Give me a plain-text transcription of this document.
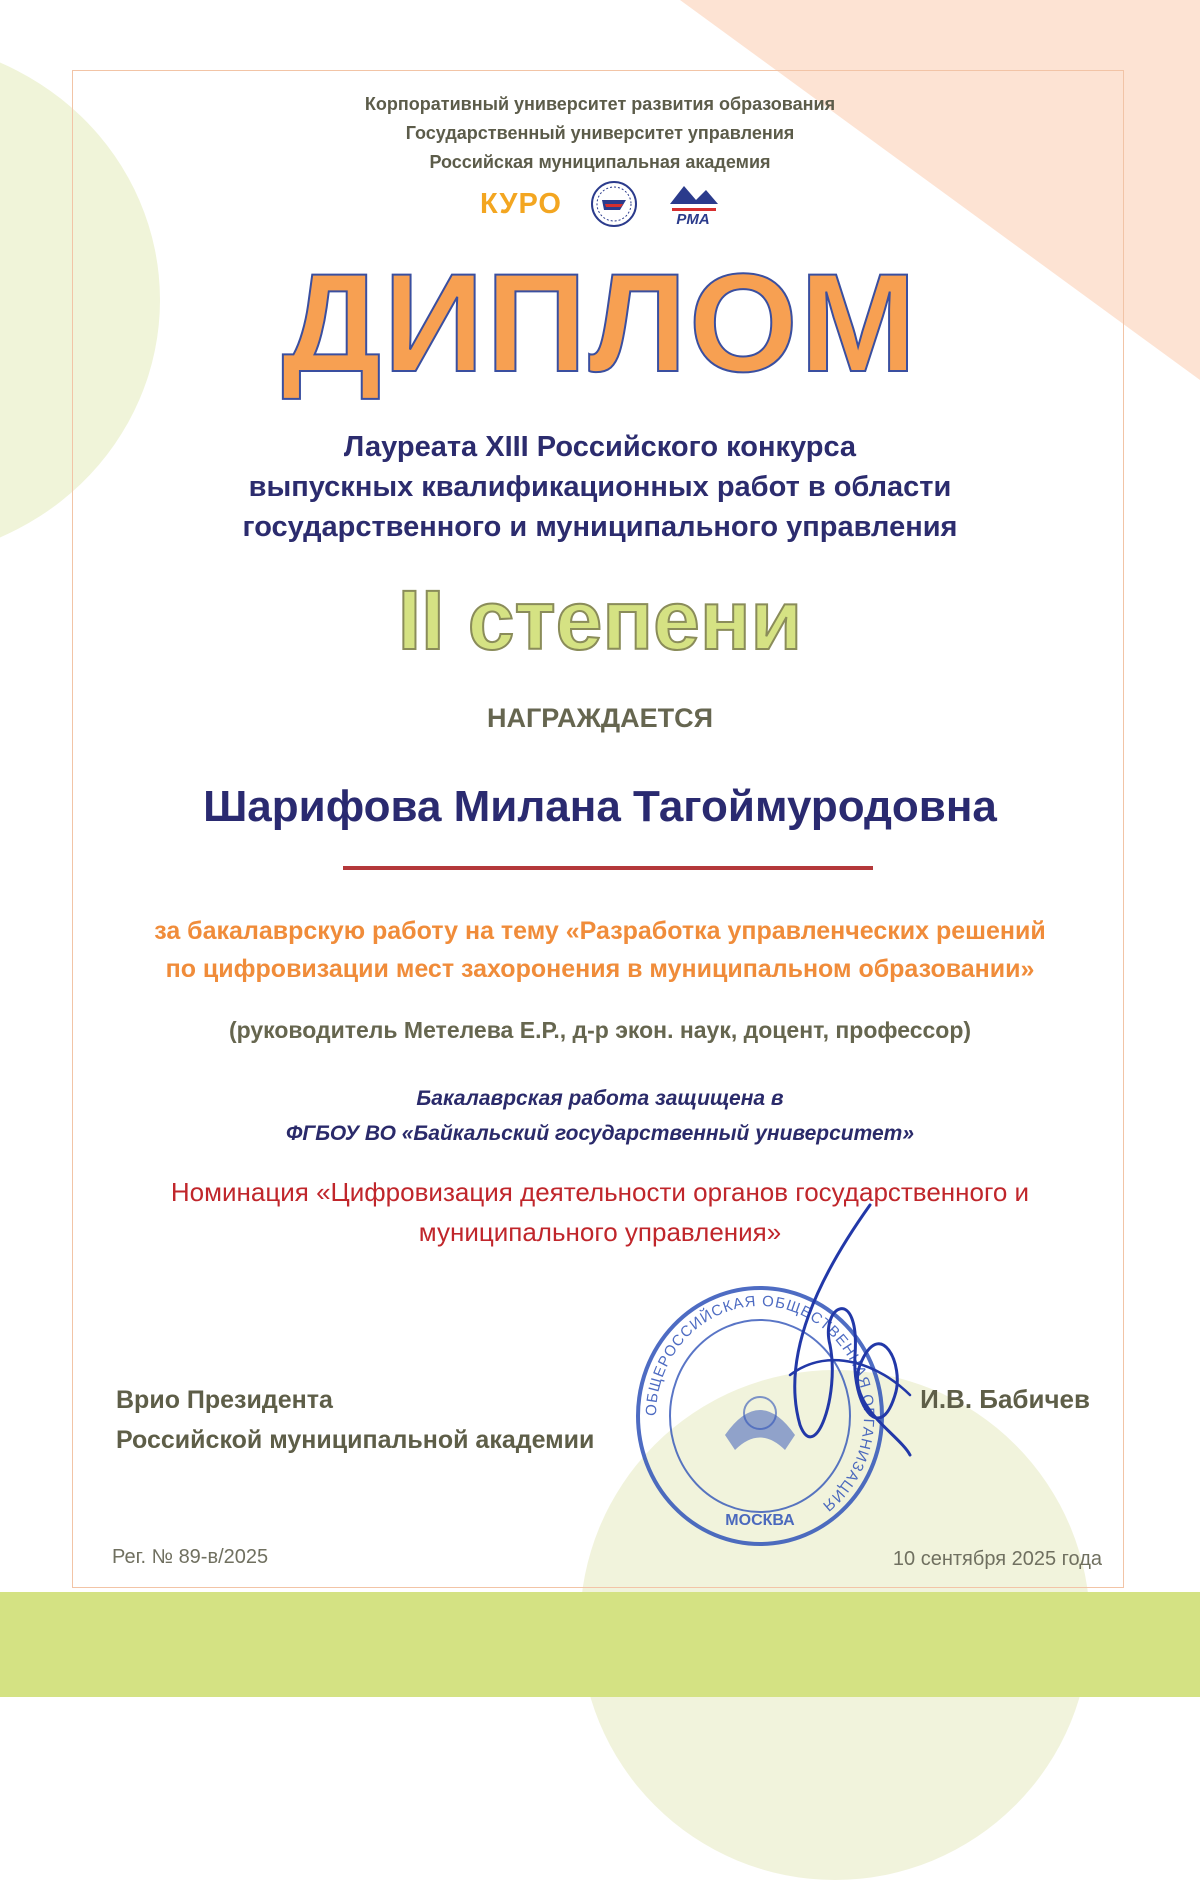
Корпоративный университет развития образования
Государственный университет управления
Российская муниципальная академия
КУРО	РМА
ДИПЛОМ
Лауреата XIII Российского конкурса
выпускных квалификационных работ в области
государственного и муниципального управления
II степени
НАГРАЖДАЕТСЯ
Шарифова Милана Тагоймуродовна
за бакалаврскую работу на тему «Разработка управленческих решений
по цифровизации мест захоронения в муниципальном образовании»
(руководитель Метелева Е.Р., д-р экон. наук, доцент, профессор)
Бакалаврская работа защищена в
ФГБОУ ВО «Байкальский государственный университет»
Номинация «Цифровизация деятельности органов государственного и
муниципального управления»
Врио Президента
Российской муниципальной академии
ОБЩЕРОССИЙСКАЯ ОБЩЕСТВЕННАЯ ОРГАНИЗАЦИЯ
МОСКВА
И.В. Бабичев
Рег. № 89-в/2025	10 сентября 2025 года
